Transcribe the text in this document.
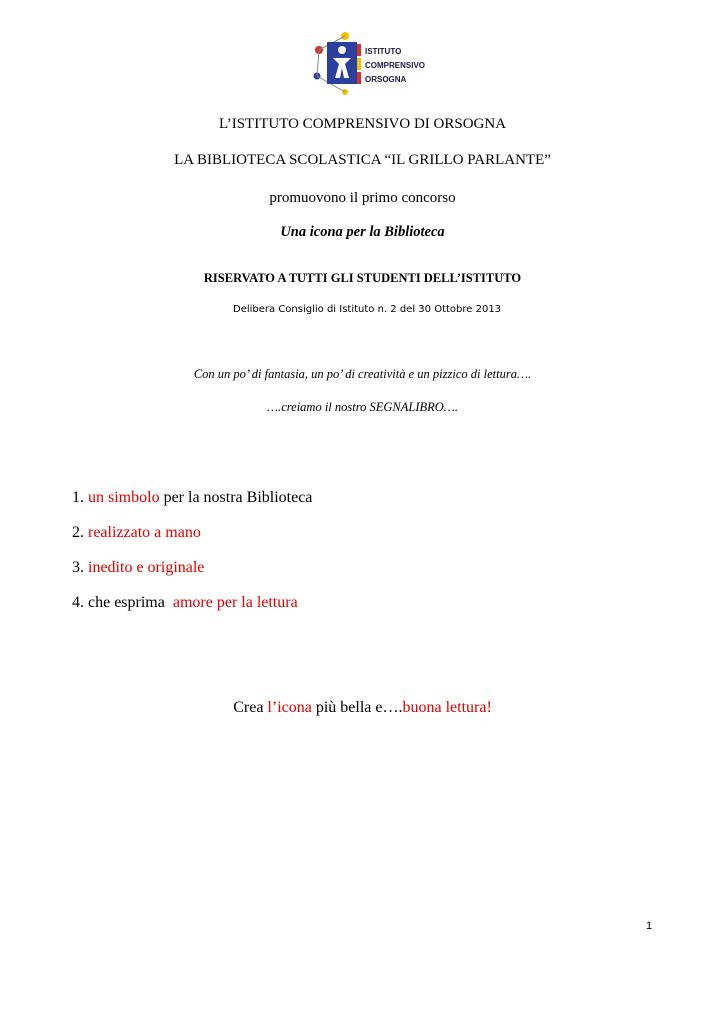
ISTITUTO
COMPRENSIVO
ORSOGNA
L’ISTITUTO COMPRENSIVO DI ORSOGNA
LA BIBLIOTECA SCOLASTICA “IL GRILLO PARLANTE”
promuovono il primo concorso
Una icona per la Biblioteca
RISERVATO A TUTTI GLI STUDENTI DELL’ISTITUTO
Delibera Consiglio di Istituto n. 2 del 30 Ottobre 2013
Con un po’ di fantasia, un po’ di creatività e un pizzico di lettura….
….creiamo il nostro SEGNALIBRO….
1. un simbolo per la nostra Biblioteca
2. realizzato a mano
3. inedito e originale
4. che esprima  amore per la lettura
Crea l’icona più bella e….buona lettura!
1
